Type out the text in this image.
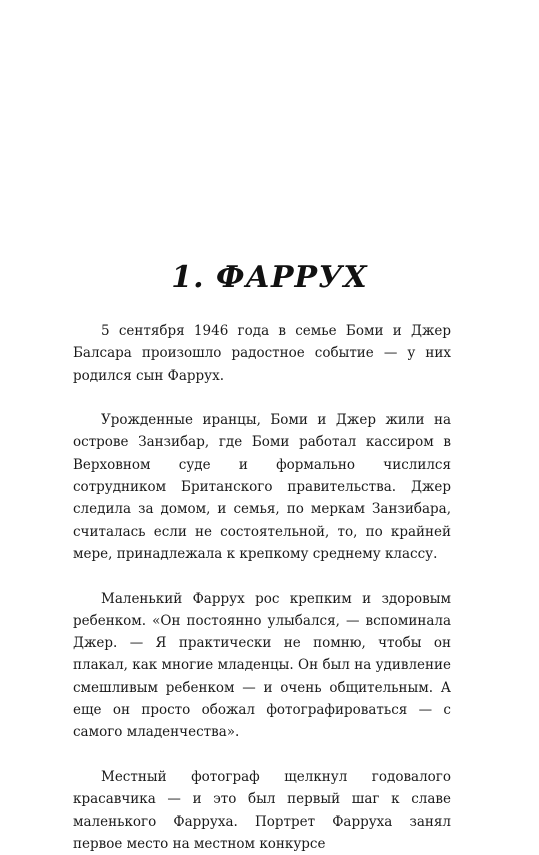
1. ФАРРУХ

5 сентября 1946 года в семье Боми и Джер Балсара произошло радостное событие — у них родился сын Фаррух.

Урожденные иранцы, Боми и Джер жили на острове Занзибар, где Боми работал кассиром в Верховном суде и формально числился сотрудником Британского правительства. Джер следила за домом, и семья, по меркам Занзибара, считалась если не состоятельной, то, по крайней мере, принадлежала к крепкому среднему классу.

Маленький Фаррух рос крепким и здоровым ребенком. «Он постоянно улыбался, — вспоминала Джер. — Я практически не помню, чтобы он плакал, как многие младенцы. Он был на удивление смешливым ребенком — и очень общительным. А еще он просто обожал фотографироваться — с самого младенчества».

Местный фотограф щелкнул годовалого красавчика — и это был первый шаг к славе маленького Фарруха. Портрет Фарруха занял первое место на местном конкурсе
